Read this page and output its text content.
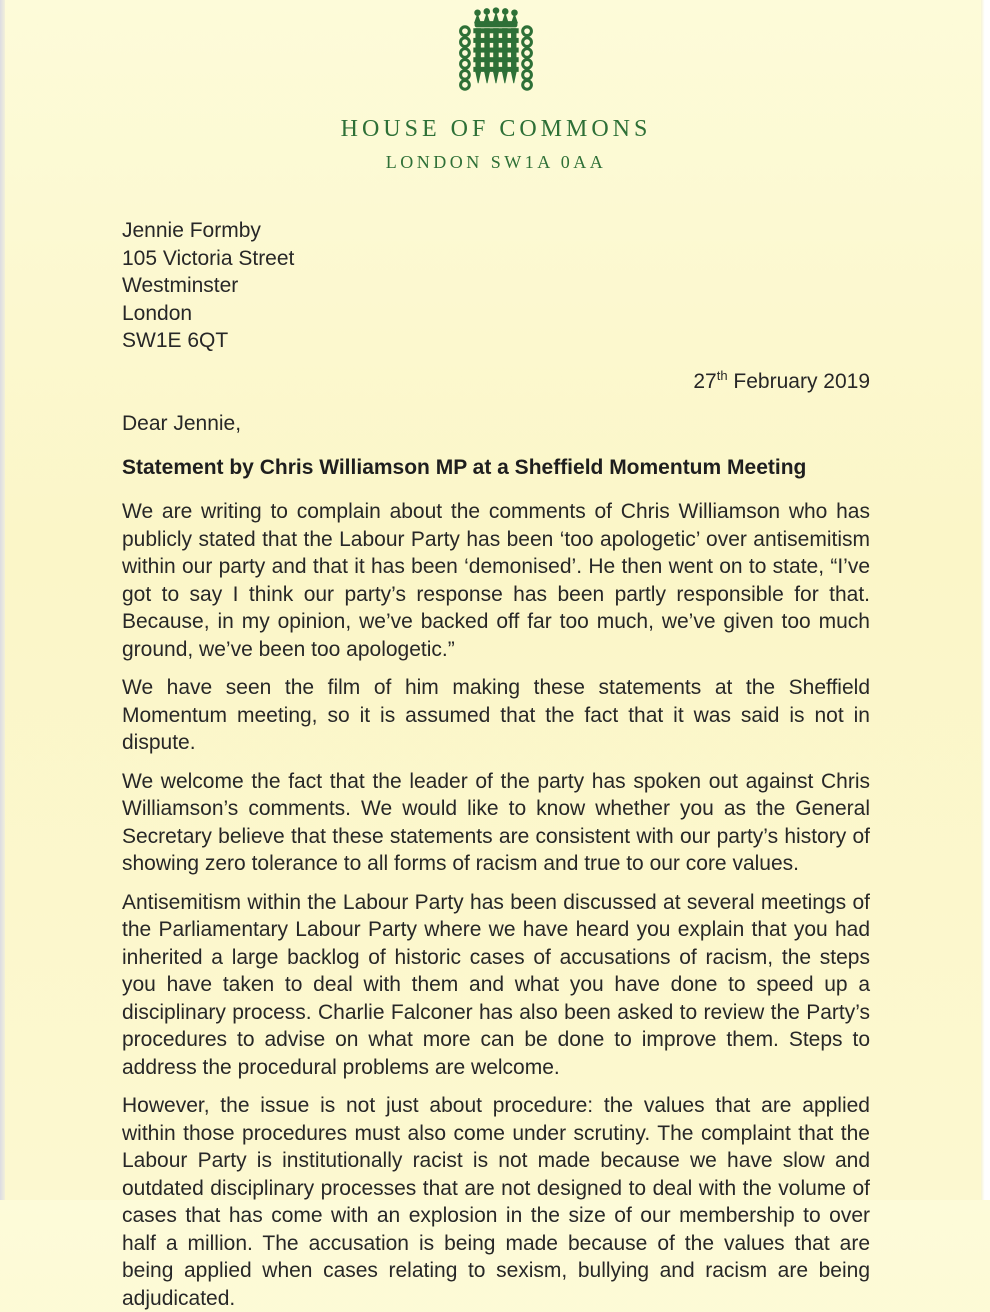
HOUSE OF COMMONS
LONDON SW1A 0AA
Jennie Formby
105 Victoria Street
Westminster
London
SW1E 6QT
27th February 2019
Dear Jennie,
Statement by Chris Williamson MP at a Sheffield Momentum Meeting

We are writing to complain about the comments of Chris Williamson who has publicly stated that the Labour Party has been ‘too apologetic’ over antisemitism within our party and that it has been ‘demonised’. He then went on to state, “I’ve got to say I think our party’s response has been partly responsible for that. Because, in my opinion, we’ve backed off far too much, we’ve given too much ground, we’ve been too apologetic.”

We have seen the film of him making these statements at the Sheffield Momentum meeting, so it is assumed that the fact that it was said is not in dispute.

We welcome the fact that the leader of the party has spoken out against Chris Williamson’s comments. We would like to know whether you as the General Secretary believe that these statements are consistent with our party’s history of showing zero tolerance to all forms of racism and true to our core values.

Antisemitism within the Labour Party has been discussed at several meetings of the Parliamentary Labour Party where we have heard you explain that you had inherited a large backlog of historic cases of accusations of racism, the steps you have taken to deal with them and what you have done to speed up a disciplinary process. Charlie Falconer has also been asked to review the Party’s procedures to advise on what more can be done to improve them. Steps to address the procedural problems are welcome.

However, the issue is not just about procedure: the values that are applied within those procedures must also come under scrutiny. The complaint that the Labour Party is institutionally racist is not made because we have slow and outdated disciplinary processes that are not designed to deal with the volume of cases that has come with an explosion in the size of our membership to over half a million. The accusation is being made because of the values that are being applied when cases relating to sexism, bullying and racism are being adjudicated.
